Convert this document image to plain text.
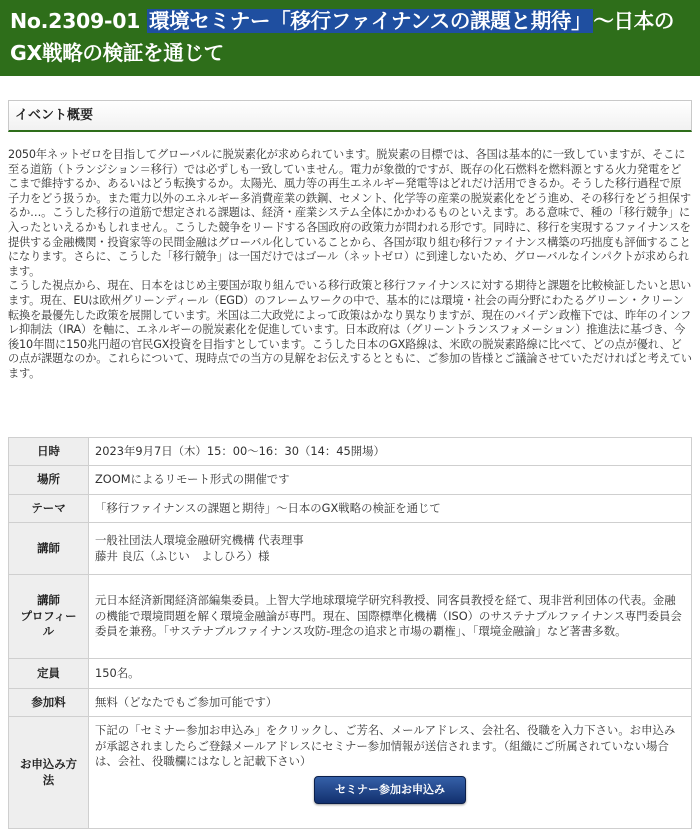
No.2309-01 環境セミナー「移行ファイナンスの課題と期待」〜日本のGX戦略の検証を通じて
イベント概要

2050年ネットゼロを目指してグローバルに脱炭素化が求められています。脱炭素の目標では、各国は基本的に一致していますが、そこに至る道筋（トランジション＝移行）では必ずしも一致していません。電力が象徴的ですが、既存の化石燃料を燃料源とする火力発電をどこまで維持するか、あるいはどう転換するか。太陽光、風力等の再生エネルギー発電等はどれだけ活用できるか。そうした移行過程で原子力をどう扱うか。また電力以外のエネルギー多消費産業の鉄鋼、セメント、化学等の産業の脱炭素化をどう進め、その移行をどう担保するか…。こうした移行の道筋で想定される課題は、経済・産業システム全体にかかわるものといえます。ある意味で、種の「移行競争」に入ったといえるかもしれません。こうした競争をリードする各国政府の政策力が問われる形です。同時に、移行を実現するファイナンスを提供する金融機関・投資家等の民間金融はグローバル化していることから、各国が取り組む移行ファイナンス構築の巧拙度も評価することになります。さらに、こうした「移行競争」は一国だけではゴール（ネットゼロ）に到達しないため、グローバルなインパクトが求められます。

こうした視点から、現在、日本をはじめ主要国が取り組んでいる移行政策と移行ファイナンスに対する期待と課題を比較検証したいと思います。現在、EUは欧州グリーンディール（EGD）のフレームワークの中で、基本的には環境・社会の両分野にわたるグリーン・クリーン転換を最優先した政策を展開しています。米国は二大政党によって政策はかなり異なりますが、現在のバイデン政権下では、昨年のインフレ抑制法（IRA）を軸に、エネルギーの脱炭素化を促進しています。日本政府は（グリーントランスフォメーション）推進法に基づき、今後10年間に150兆円超の官民GX投資を目指すとしています。こうした日本のGX路線は、米欧の脱炭素路線に比べて、どの点が優れ、どの点が課題なのか。これらについて、現時点での当方の見解をお伝えするとともに、ご参加の皆様とご議論させていただければと考えています。

日時	2023年9月7日（木）15：00〜16：30（14：45開場）
場所	ZOOMによるリモート形式の開催です
テーマ	「移行ファイナンスの課題と期待」〜日本のGX戦略の検証を通じて
講師	一般社団法人環境金融研究機構 代表理事
藤井 良広（ふじい　よしひろ）様

講師
プロフィール	元日本経済新聞経済部編集委員。上智大学地球環境学研究科教授、同客員教授を経て、現非営利団体の代表。金融の機能で環境問題を解く環境金融論が専門。現在、国際標準化機構（ISO）のサステナブルファイナンス専門委員会委員を兼務。「サステナブルファイナンス攻防-理念の追求と市場の覇権」、「環境金融論」など著書多数。
定員	150名。
参加料	無料（どなたでもご参加可能です）
お申込み方法	下記の「セミナー参加お申込み」をクリックし、ご芳名、メールアドレス、会社名、役職を入力下さい。お申込みが承認されましたらご登録メールアドレスにセミナー参加情報が送信されます。（組織にご所属されていない場合は、会社、役職欄にはなしと記載下さい）
セミナー参加お申込み
